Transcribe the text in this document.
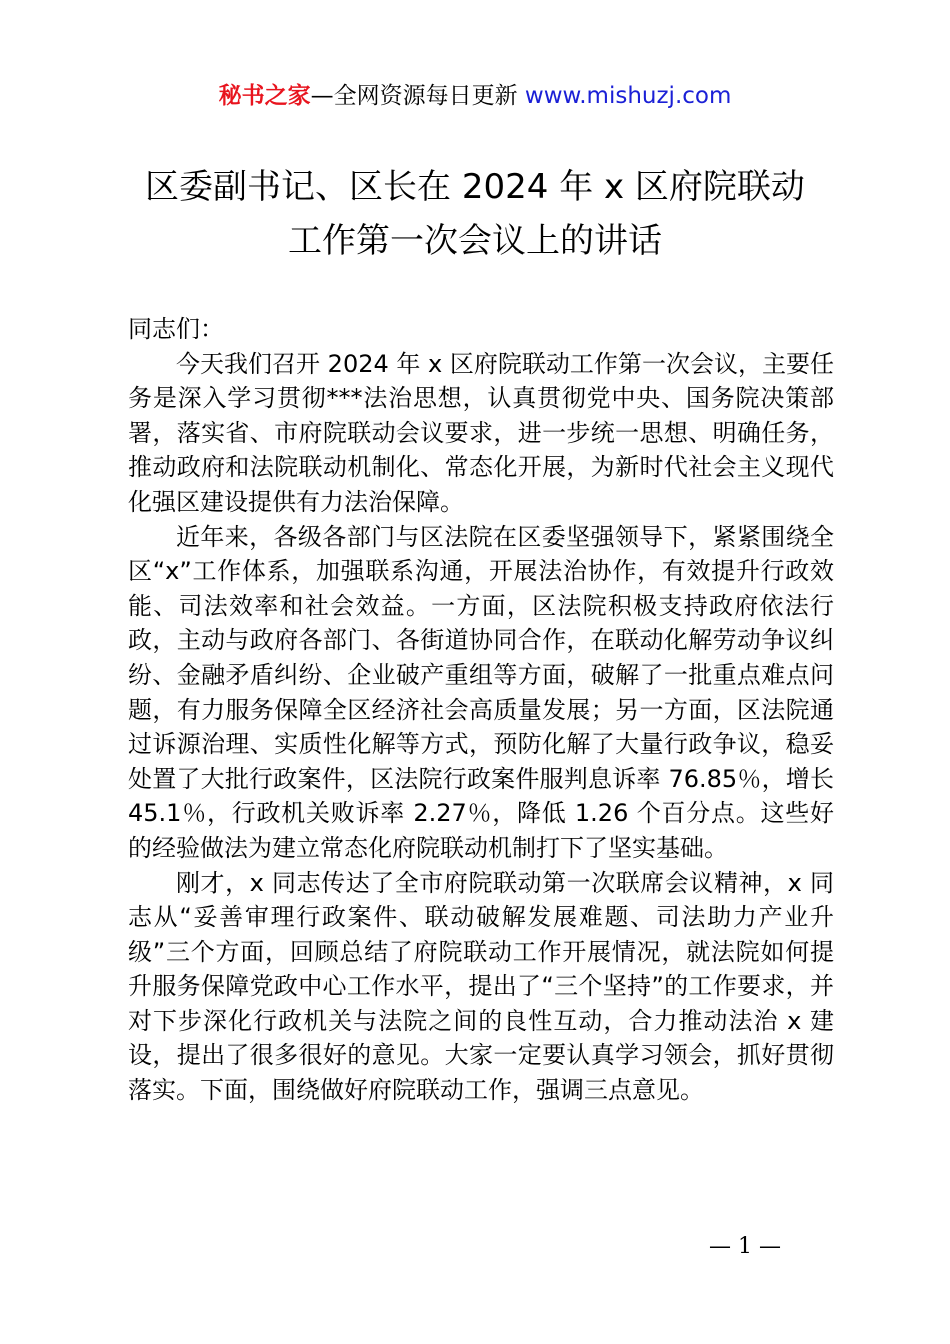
秘书之家—全网资源每日更新 www.mishuzj.com
区委副书记、区长在 2024 年 x 区府院联动
工作第一次会议上的讲话

同志们：

今天我们召开 2024 年 x 区府院联动工作第一次会议，主要任务是深入学习贯彻***法治思想，认真贯彻党中央、国务院决策部署，落实省、市府院联动会议要求，进一步统一思想、明确任务，推动政府和法院联动机制化、常态化开展，为新时代社会主义现代化强区建设提供有力法治保障。

近年来，各级各部门与区法院在区委坚强领导下，紧紧围绕全区“x”工作体系，加强联系沟通，开展法治协作，有效提升行政效能、司法效率和社会效益。一方面，区法院积极支持政府依法行政，主动与政府各部门、各街道协同合作，在联动化解劳动争议纠纷、金融矛盾纠纷、企业破产重组等方面，破解了一批重点难点问题，有力服务保障全区经济社会高质量发展；另一方面，区法院通过诉源治理、实质性化解等方式，预防化解了大量行政争议，稳妥处置了大批行政案件，区法院行政案件服判息诉率 76.85％，增长 45.1％，行政机关败诉率 2.27％，降低 1.26 个百分点。这些好的经验做法为建立常态化府院联动机制打下了坚实基础。

刚才，x 同志传达了全市府院联动第一次联席会议精神，x 同志从“妥善审理行政案件、联动破解发展难题、司法助力产业升级”三个方面，回顾总结了府院联动工作开展情况，就法院如何提升服务保障党政中心工作水平，提出了“三个坚持”的工作要求，并对下步深化行政机关与法院之间的良性互动，合力推动法治 x 建设，提出了很多很好的意见。大家一定要认真学习领会，抓好贯彻落实。下面，围绕做好府院联动工作，强调三点意见。

— 1 —
